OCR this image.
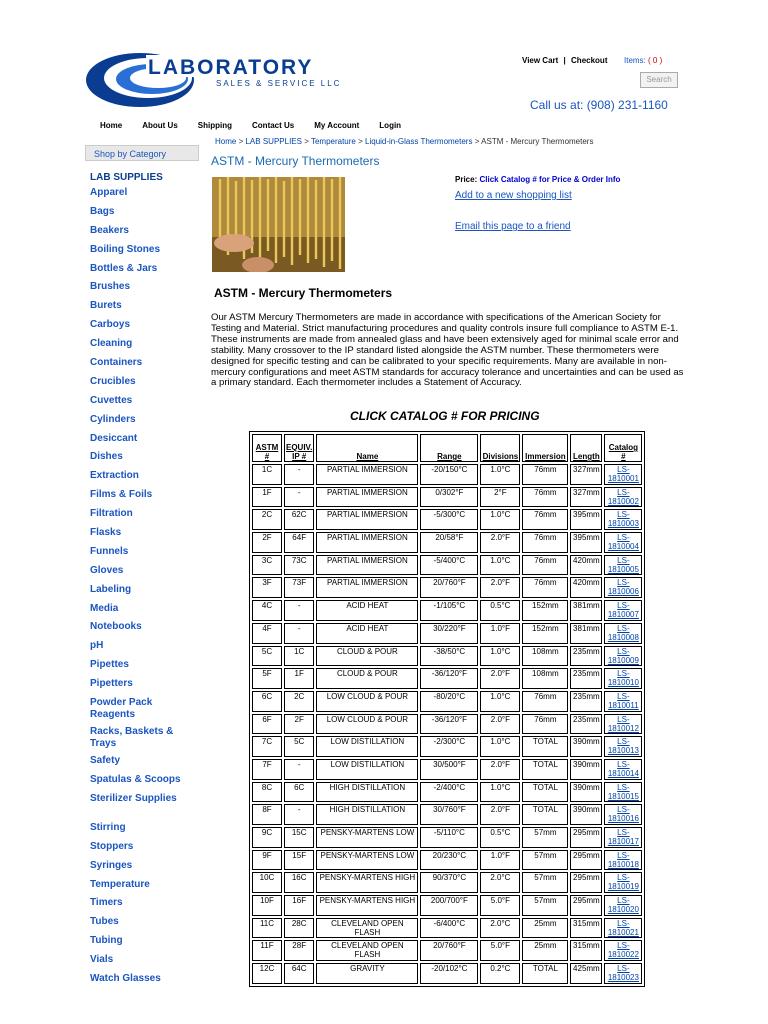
LABORATORY
SALES & SERVICE LLC
View Cart | Checkout	Items: ( 0 )
Search
Call us at: (908) 231-1160
Home	About Us	Shipping	Contact Us	My Account	Login
Home > LAB SUPPLIES > Temperature > Liquid-in-Glass Thermometers > ASTM - Mercury Thermometers
Shop by Category	ASTM - Mercury Thermometers
LAB SUPPLIES
Apparel
Bags
Beakers
Boiling Stones
Bottles & Jars
Brushes
Burets
Carboys
Cleaning
Containers
Crucibles
Cuvettes
Cylinders
Desiccant
Dishes
Extraction
Films & Foils
Filtration
Flasks
Funnels
Gloves
Labeling
Media
Notebooks
pH
Pipettes
Pipetters
Powder Pack Reagents
Racks, Baskets & Trays
Safety
Spatulas & Scoops
Sterilizer Supplies
Stirring
Stoppers
Syringes
Temperature
Timers
Tubes
Tubing
Vials
Watch Glasses
Price: Click Catalog # for Price & Order Info
Add to a new shopping list
Email this page to a friend
ASTM - Mercury Thermometers
Our ASTM Mercury Thermometers are made in accordance with specifications of the American Society for Testing and Material. Strict manufacturing procedures and quality controls insure full compliance to ASTM E-1. These instruments are made from annealed glass and have been extensively aged for minimal scale error and stability. Many crossover to the IP standard listed alongside the ASTM number. These thermometers were designed for specific testing and can be calibrated to your specific requirements. Many are available in non-mercury configurations and meet ASTM standards for accuracy tolerance and uncertainties and can be used as a primary standard. Each thermometer includes a Statement of Accuracy.
CLICK CATALOG # FOR PRICING
ASTM #	EQUIV. IP #	Name	Range	Divisions	Immersion	Length	Catalog #
1C	-	PARTIAL IMMERSION	-20/150°C	1.0°C	76mm	327mm	LS-1810001
1F	-	PARTIAL IMMERSION	0/302°F	2°F	76mm	327mm	LS-1810002
2C	62C	PARTIAL IMMERSION	-5/300°C	1.0°C	76mm	395mm	LS-1810003
2F	64F	PARTIAL IMMERSION	20/58°F	2.0°F	76mm	395mm	LS-1810004
3C	73C	PARTIAL IMMERSION	-5/400°C	1.0°C	76mm	420mm	LS-1810005
3F	73F	PARTIAL IMMERSION	20/760°F	2.0°F	76mm	420mm	LS-1810006
4C	-	ACID HEAT	-1/105°C	0.5°C	152mm	381mm	LS-1810007
4F	-	ACID HEAT	30/220°F	1.0°F	152mm	381mm	LS-1810008
5C	1C	CLOUD & POUR	-38/50°C	1.0°C	108mm	235mm	LS-1810009
5F	1F	CLOUD & POUR	-36/120°F	2.0°F	108mm	235mm	LS-1810010
6C	2C	LOW CLOUD & POUR	-80/20°C	1.0°C	76mm	235mm	LS-1810011
6F	2F	LOW CLOUD & POUR	-36/120°F	2.0°F	76mm	235mm	LS-1810012
7C	5C	LOW DISTILLATION	-2/300°C	1.0°C	TOTAL	390mm	LS-1810013
7F	-	LOW DISTILLATION	30/500°F	2.0°F	TOTAL	390mm	LS-1810014
8C	6C	HIGH DISTILLATION	-2/400°C	1.0°C	TOTAL	390mm	LS-1810015
8F	-	HIGH DISTILLATION	30/760°F	2.0°F	TOTAL	390mm	LS-1810016
9C	15C	PENSKY-MARTENS LOW	-5/110°C	0.5°C	57mm	295mm	LS-1810017
9F	15F	PENSKY-MARTENS LOW	20/230°C	1.0°F	57mm	295mm	LS-1810018
10C	16C	PENSKY-MARTENS HIGH	90/370°C	2.0°C	57mm	295mm	LS-1810019
10F	16F	PENSKY-MARTENS HIGH	200/700°F	5.0°F	57mm	295mm	LS-1810020
11C	28C	CLEVELAND OPEN FLASH	-6/400°C	2.0°C	25mm	315mm	LS-1810021
11F	28F	CLEVELAND OPEN FLASH	20/760°F	5.0°F	25mm	315mm	LS-1810022
12C	64C	GRAVITY	-20/102°C	0.2°C	TOTAL	425mm	LS-1810023
